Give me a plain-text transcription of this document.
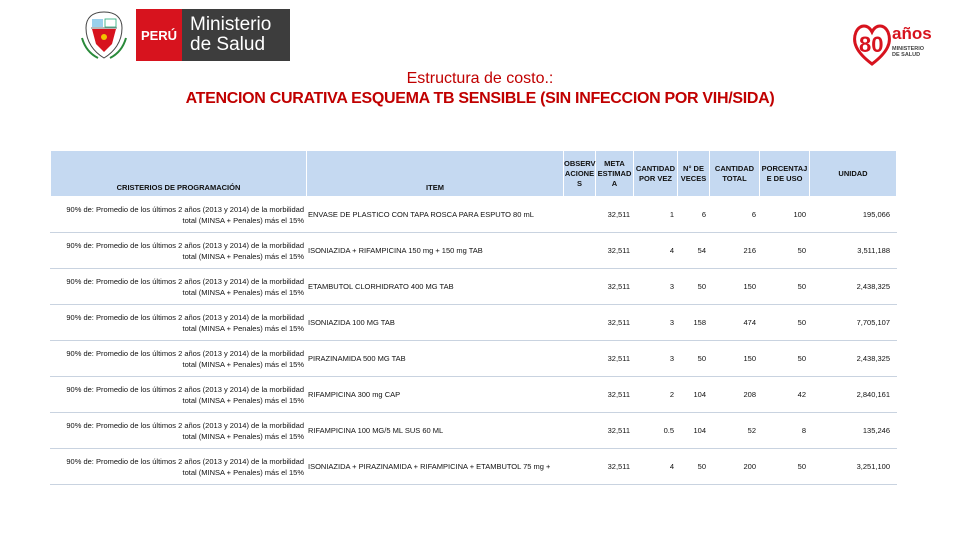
PERÚ Ministerio
de Salud	80 años
MINISTERIO
DE SALUD
Estructura de costo.:
ATENCION CURATIVA ESQUEMA TB SENSIBLE (SIN INFECCION POR VIH/SIDA)
CRISTERIOS DE PROGRAMACIÓN	ITEM	OBSERV ACIONE S	META ESTIMAD A	CANTIDAD POR VEZ	N° DE VECES	CANTIDAD TOTAL	PORCENTAJ E DE USO	UNIDAD
90% de: Promedio de los últimos 2 años (2013 y 2014) de la morbilidad total (MINSA + Penales) más el 15%	ENVASE DE PLASTICO CON TAPA ROSCA PARA ESPUTO 80 mL		32,511	1	6	6	100	195,066
90% de: Promedio de los últimos 2 años (2013 y 2014) de la morbilidad total (MINSA + Penales) más el 15%	ISONIAZIDA + RIFAMPICINA 150 mg + 150 mg TAB		32,511	4	54	216	50	3,511,188
90% de: Promedio de los últimos 2 años (2013 y 2014) de la morbilidad total (MINSA + Penales) más el 15%	ETAMBUTOL CLORHIDRATO 400 MG TAB		32,511	3	50	150	50	2,438,325
90% de: Promedio de los últimos 2 años (2013 y 2014) de la morbilidad total (MINSA + Penales) más el 15%	ISONIAZIDA 100 MG TAB		32,511	3	158	474	50	7,705,107
90% de: Promedio de los últimos 2 años (2013 y 2014) de la morbilidad total (MINSA + Penales) más el 15%	PIRAZINAMIDA 500 MG TAB		32,511	3	50	150	50	2,438,325
90% de: Promedio de los últimos 2 años (2013 y 2014) de la morbilidad total (MINSA + Penales) más el 15%	RIFAMPICINA 300 mg CAP		32,511	2	104	208	42	2,840,161
90% de: Promedio de los últimos 2 años (2013 y 2014) de la morbilidad total (MINSA + Penales) más el 15%	RIFAMPICINA 100 MG/5 ML SUS 60 ML		32,511	0.5	104	52	8	135,246
90% de: Promedio de los últimos 2 años (2013 y 2014) de la morbilidad total (MINSA + Penales) más el 15%	ISONIAZIDA + PIRAZINAMIDA + RIFAMPICINA + ETAMBUTOL 75 mg +		32,511	4	50	200	50	3,251,100
